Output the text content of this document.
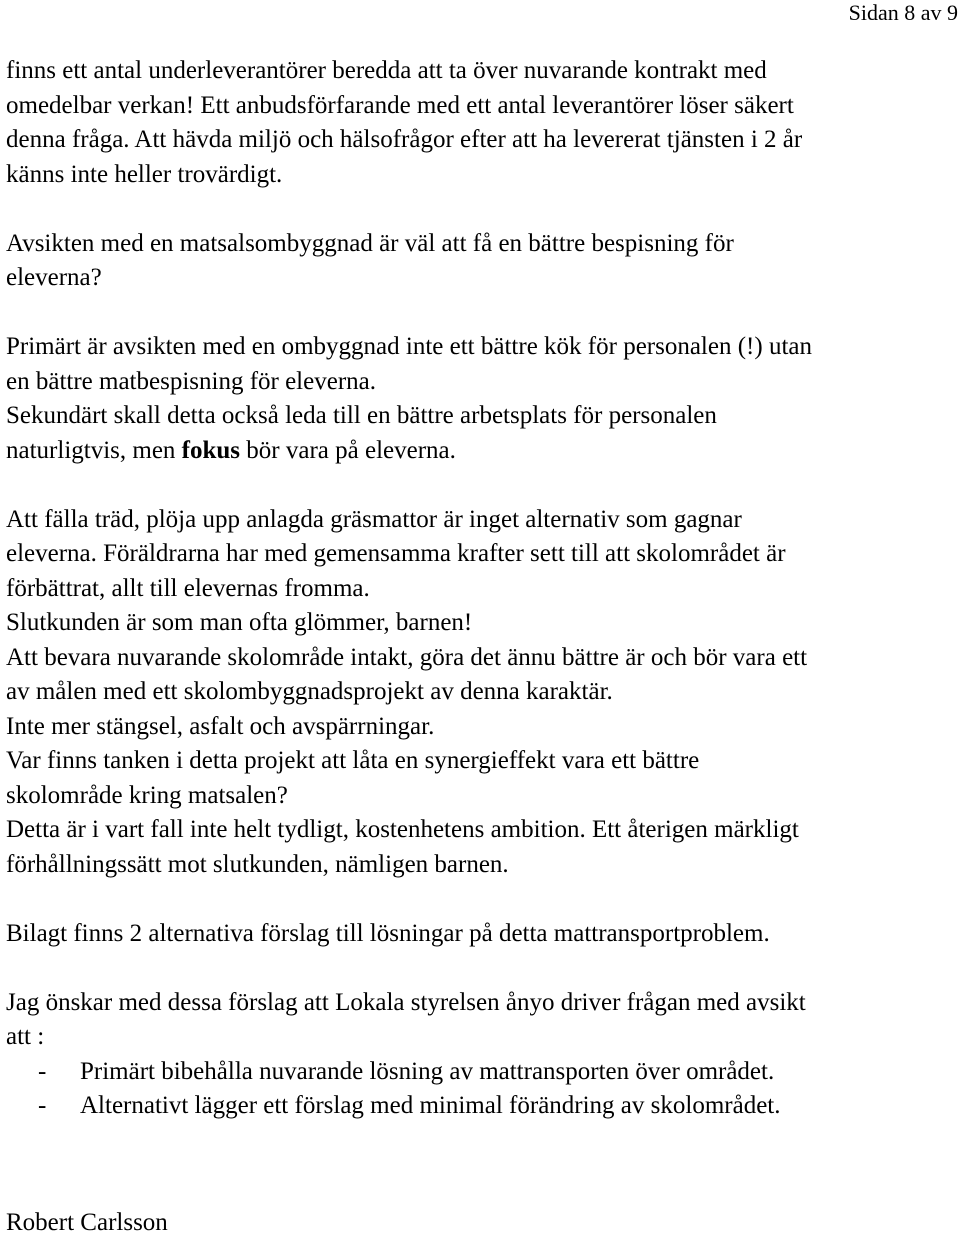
Sidan 8 av 9

finns ett antal underleverantörer beredda att ta över nuvarande kontrakt med

omedelbar verkan! Ett anbudsförfarande med ett antal leverantörer löser säkert

denna fråga. Att hävda miljö och hälsofrågor efter att ha levererat tjänsten i 2 år

känns inte heller trovärdigt.

Avsikten med en matsalsombyggnad är väl att få en bättre bespisning för

eleverna?

Primärt är avsikten med en ombyggnad inte ett bättre kök för personalen (!) utan

en bättre matbespisning för eleverna.

Sekundärt skall detta också leda till en bättre arbetsplats för personalen

naturligtvis, men fokus bör vara på eleverna.

Att fälla träd, plöja upp anlagda gräsmattor är inget alternativ som gagnar

eleverna. Föräldrarna har med gemensamma krafter sett till att skolområdet är

förbättrat, allt till elevernas fromma.

Slutkunden är som man ofta glömmer, barnen!

Att bevara nuvarande skolområde intakt, göra det ännu bättre är och bör vara ett

av målen med ett skolombyggnadsprojekt av denna karaktär.

Inte mer stängsel, asfalt och avspärrningar.

Var finns tanken i detta projekt att låta en synergieffekt vara ett bättre

skolområde kring matsalen?

Detta är i vart fall inte helt tydligt, kostenhetens ambition. Ett återigen märkligt

förhållningssätt mot slutkunden, nämligen barnen.

Bilagt finns 2 alternativa förslag till lösningar på detta mattransportproblem.

Jag önskar med dessa förslag att Lokala styrelsen ånyo driver frågan med avsikt

att :

-	Primärt bibehålla nuvarande lösning av mattransporten över området.
-	Alternativt lägger ett förslag med minimal förändring av skolområdet.

Robert Carlsson
